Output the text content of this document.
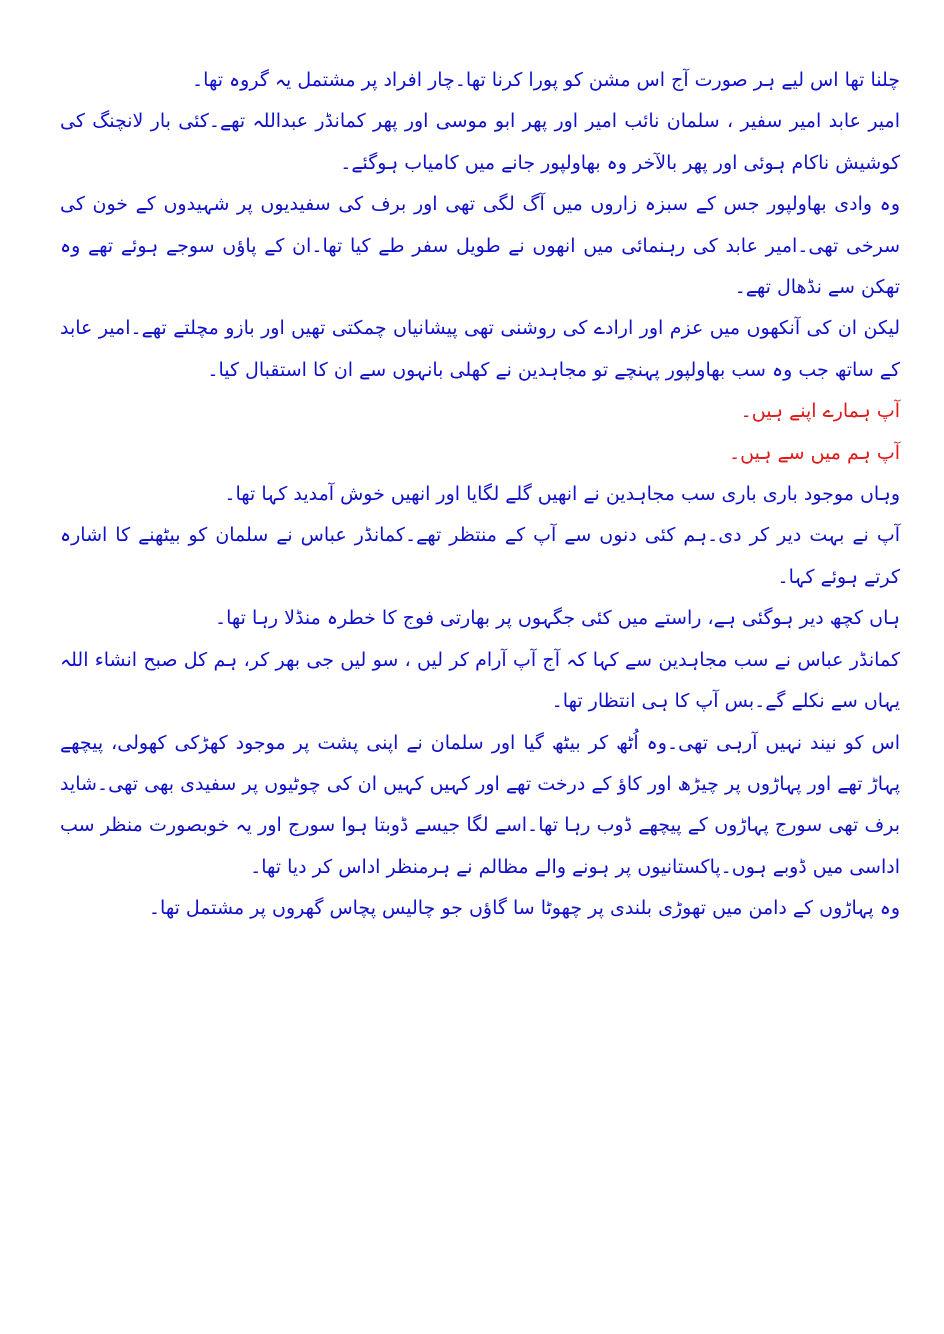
چلنا تھا اس لیے ہر صورت آج اس مشن کو پورا کرنا تھا۔چار افراد پر مشتمل یہ گروہ تھا۔

امیر عابد امیر سفیر ، سلمان نائب امیر اور پھر ابو موسی اور پھر کمانڈر عبداللہ تھے۔کئی بار لانچنگ کی کوشیش ناکام ہوئی اور پھر بالآخر وہ بھاولپور جانے میں کامیاب ہوگئے۔

وہ وادی بھاولپور جس کے سبزہ زاروں میں آگ لگی تھی اور برف کی سفیدیوں پر شہیدوں کے خون کی سرخی تھی۔امیر عابد کی رہنمائی میں انھوں نے طویل سفر طے کیا تھا۔ان کے پاؤں سوجے ہوئے تھے وہ تھکن سے نڈھال تھے۔

لیکن ان کی آنکھوں میں عزم اور ارادے کی روشنی تھی پیشانیاں چمکتی تھیں اور بازو مچلتے تھے۔امیر عابد کے ساتھ جب وہ سب بھاولپور پہنچے تو مجاہدین نے کھلی بانہوں سے ان کا استقبال کیا۔

آپ ہمارے اپنے ہیں۔

آپ ہم میں سے ہیں۔

وہاں موجود باری باری سب مجاہدین نے انھیں گلے لگایا اور انھیں خوش آمدید کہا تھا۔

آپ نے بہت دیر کر دی۔ہم کئی دنوں سے آپ کے منتظر تھے۔کمانڈر عباس نے سلمان کو بیٹھنے کا اشارہ کرتے ہوئے کہا۔

ہاں کچھ دیر ہوگئی ہے، راستے میں کئی جگہوں پر بھارتی فوج کا خطرہ منڈلا رہا تھا۔

کمانڈر عباس نے سب مجاہدین سے کہا کہ آج آپ آرام کر لیں ، سو لیں جی بھر کر، ہم کل صبح انشاء اللہ یہاں سے نکلے گے۔بس آپ کا ہی انتظار تھا۔

اس کو نیند نہیں آرہی تھی۔وہ اُٹھ کر بیٹھ گیا اور سلمان نے اپنی پشت پر موجود کھڑکی کھولی، پیچھے پہاڑ تھے اور پہاڑوں پر چیڑھ اور کاؤ کے درخت تھے اور کہیں کہیں ان کی چوٹیوں پر سفیدی بھی تھی۔شاید برف تھی سورج پہاڑوں کے پیچھے ڈوب رہا تھا۔اسے لگا جیسے ڈوبتا ہوا سورج اور یہ خوبصورت منظر سب اداسی میں ڈوبے ہوں۔پاکستانیوں پر ہونے والے مظالم نے ہرمنظر اداس کر دیا تھا۔

وہ پہاڑوں کے دامن میں تھوڑی بلندی پر چھوٹا سا گاؤں جو چالیس پچاس گھروں پر مشتمل تھا۔
